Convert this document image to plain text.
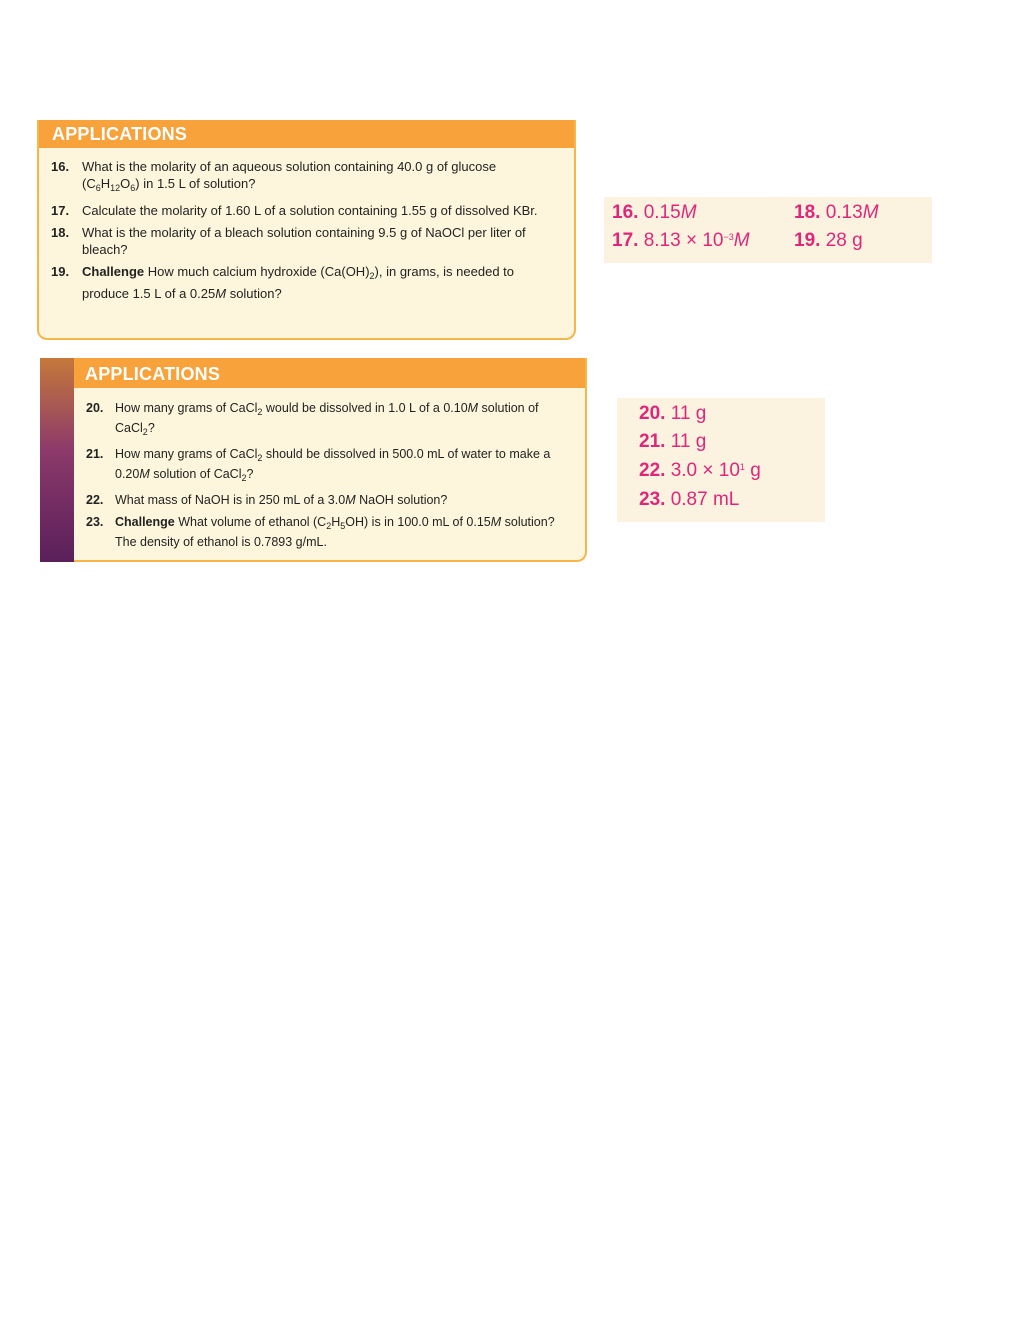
APPLICATIONS
16. What is the molarity of an aqueous solution containing 40.0 g of glucose $(C_6H_{12}O_6)$ in 1.5 L of solution?
17. Calculate the molarity of 1.60 L of a solution containing 1.55 g of dissolved KBr.
18. What is the molarity of a bleach solution containing 9.5 g of NaOCl per liter of bleach?
19. Challenge How much calcium hydroxide $(Ca(OH)_2)$, in grams, is needed to produce 1.5 L of a 0.25M solution?
16. 0.15M
17. $8.13 \times 10^{-3}M$
18. 0.13M
19. 28 g
APPLICATIONS
20. How many grams of CaCl$_2$ would be dissolved in 1.0 L of a 0.10M solution of CaCl$_2$?
21. How many grams of CaCl$_2$ should be dissolved in 500.0 mL of water to make a 0.20M solution of CaCl$_2$?
22. What mass of NaOH is in 250 mL of a 3.0M NaOH solution?
23. Challenge What volume of ethanol $(C_2H_5OH)$ is in 100.0 mL of 0.15M solution? The density of ethanol is 0.7893 g/mL.
20. 11 g
21. 11 g
22. $3.0 \times 10^1$ g
23. 0.87 mL
